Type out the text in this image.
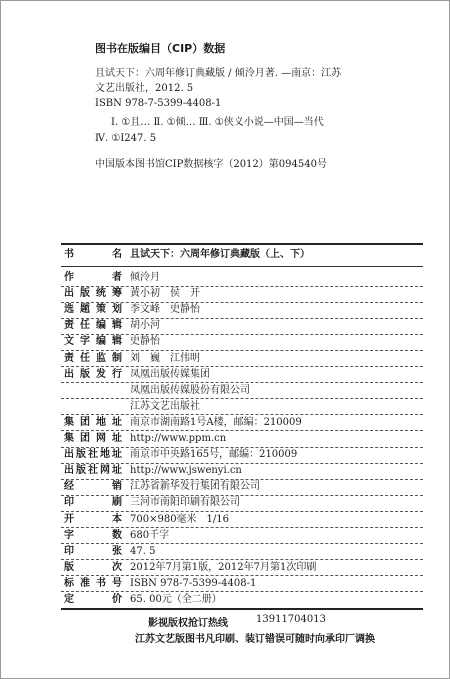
图书在版编目（CIP）数据
且试天下：六周年修订典藏版 / 倾泠月著. —南京：江苏
文艺出版社，2012. 5
ISBN 978-7-5399-4408-1
Ⅰ. ①且… Ⅱ. ①倾… Ⅲ. ①侠义小说—中国—当代
Ⅳ. ①I247. 5
中国版本图书馆CIP数据核字（2012）第094540号
书　名 且试天下：六周年修订典藏版（上、下）
作　者 倾泠月
出版统筹 黄小初　侯　开
选题策划 李文峰　史静怡
责任编辑 胡小河
文字编辑 史静怡
责任监制 刘　巍　江伟明
出版发行 凤凰出版传媒集团
凤凰出版传媒股份有限公司
江苏文艺出版社
集团地址 南京市湖南路1号A楼，邮编：210009
集团网址 http://www.ppm.cn
出版社地址 南京市中央路165号，邮编：210009
出版社网址 http://www.jswenyi.cn
经　销 江苏省新华发行集团有限公司
印　刷 三河市南阳印刷有限公司
开　本 700×980毫米　1/16
字　数 680千字
印　张 47. 5
版　次 2012年7月第1版，2012年7月第1次印刷
标准书号 ISBN 978-7-5399-4408-1
定　价 65. 00元（全二册）
影视版权抢订热线	13911704013
江苏文艺版图书凡印刷、装订错误可随时向承印厂调换
